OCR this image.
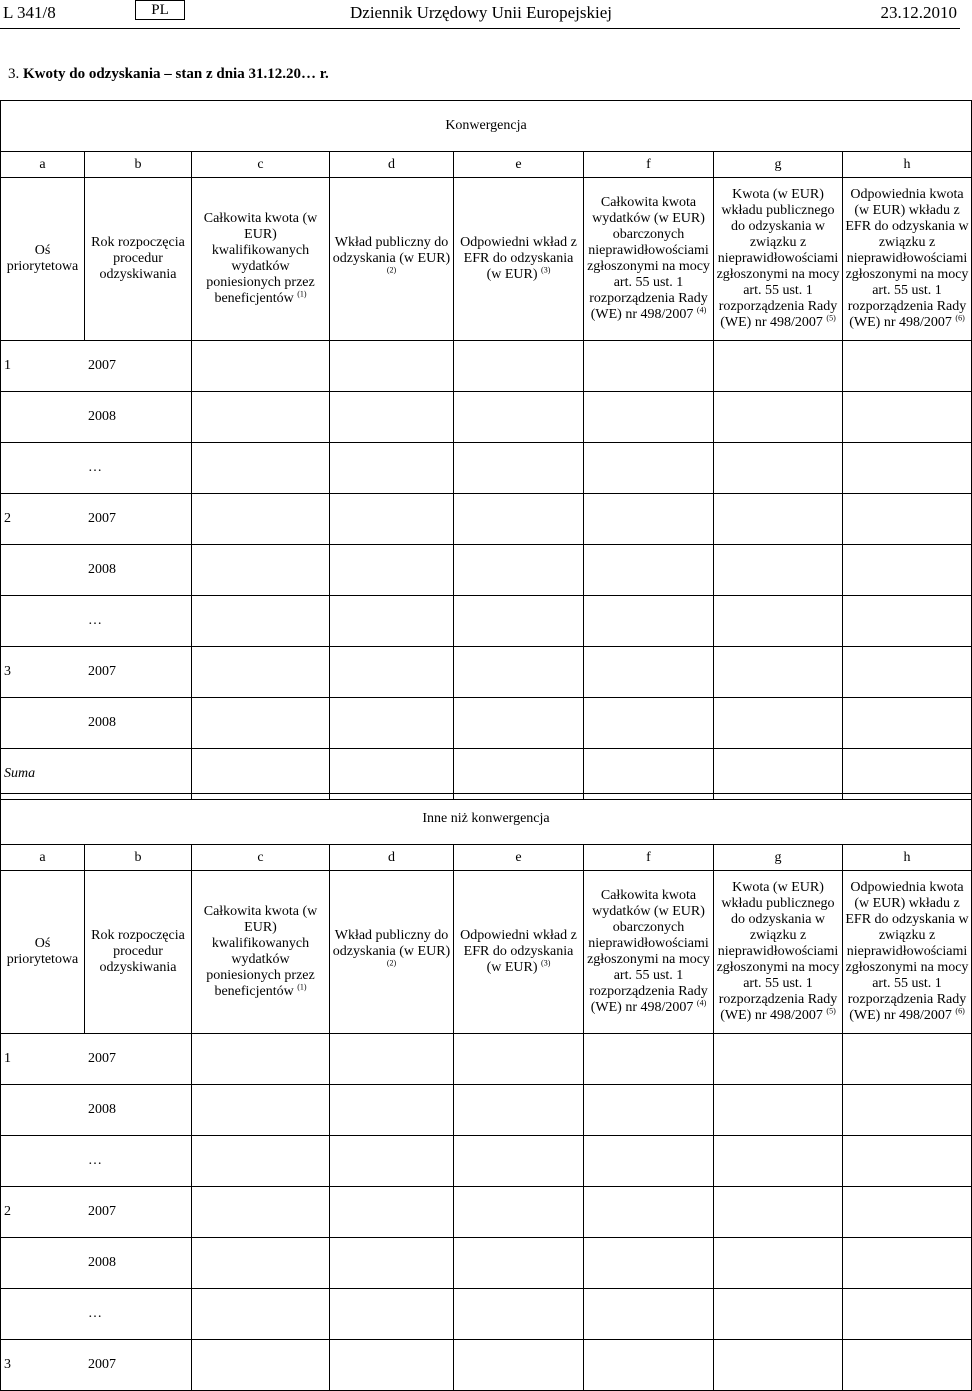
L 341/8	PL	Dziennik Urzędowy Unii Europejskiej	23.12.2010
3. Kwoty do odzyskania – stan z dnia 31.12.20… r.
Konwergencja							
a	b	c	d	e	f	g	h
Oś priorytetowa	Rok rozpoczęcia procedur odzyskiwania	Całkowita kwota (w EUR) kwalifikowanych wydatków poniesionych przez beneficjentów $^{(1)}$	Wkład publiczny do odzyskania (w EUR) $^{(2)}$	Odpowiedni wkład z EFR do odzyskania (w EUR) $^{(3)}$	Całkowita kwota wydatków (w EUR) obarczonych nieprawidłowościami zgłoszonymi na mocy art. 55 ust. 1 rozporządzenia Rady (WE) nr 498/2007 $^{(4)}$	Kwota (w EUR) wkładu publicznego do odzyskania w związku z nieprawidłowościami zgłoszonymi na mocy art. 55 ust. 1 rozporządzenia Rady (WE) nr 498/2007 $^{(5)}$	Odpowiednia kwota (w EUR) wkładu z EFR do odzyskania w związku z nieprawidłowościami zgłoszonymi na mocy art. 55 ust. 1 rozporządzenia Rady (WE) nr 498/2007 $^{(6)}$
1 2007							
2008							
…							
2 2007							
2008							
…							
3 2007							
2008							
Suma							
Inne niż konwergencja							
a	b	c	d	e	f	g	h
Oś priorytetowa	Rok rozpoczęcia procedur odzyskiwania	Całkowita kwota (w EUR) kwalifikowanych wydatków poniesionych przez beneficjentów $^{(1)}$	Wkład publiczny do odzyskania (w EUR) $^{(2)}$	Odpowiedni wkład z EFR do odzyskania (w EUR) $^{(3)}$	Całkowita kwota wydatków (w EUR) obarczonych nieprawidłowościami zgłoszonymi na mocy art. 55 ust. 1 rozporządzenia Rady (WE) nr 498/2007 $^{(4)}$	Kwota (w EUR) wkładu publicznego do odzyskania w związku z nieprawidłowościami zgłoszonymi na mocy art. 55 ust. 1 rozporządzenia Rady (WE) nr 498/2007 $^{(5)}$	Odpowiednia kwota (w EUR) wkładu z EFR do odzyskania w związku z nieprawidłowościami zgłoszonymi na mocy art. 55 ust. 1 rozporządzenia Rady (WE) nr 498/2007 $^{(6)}$
1 2007							
2008							
…							
2 2007							
2008							
…							
3 2007							
